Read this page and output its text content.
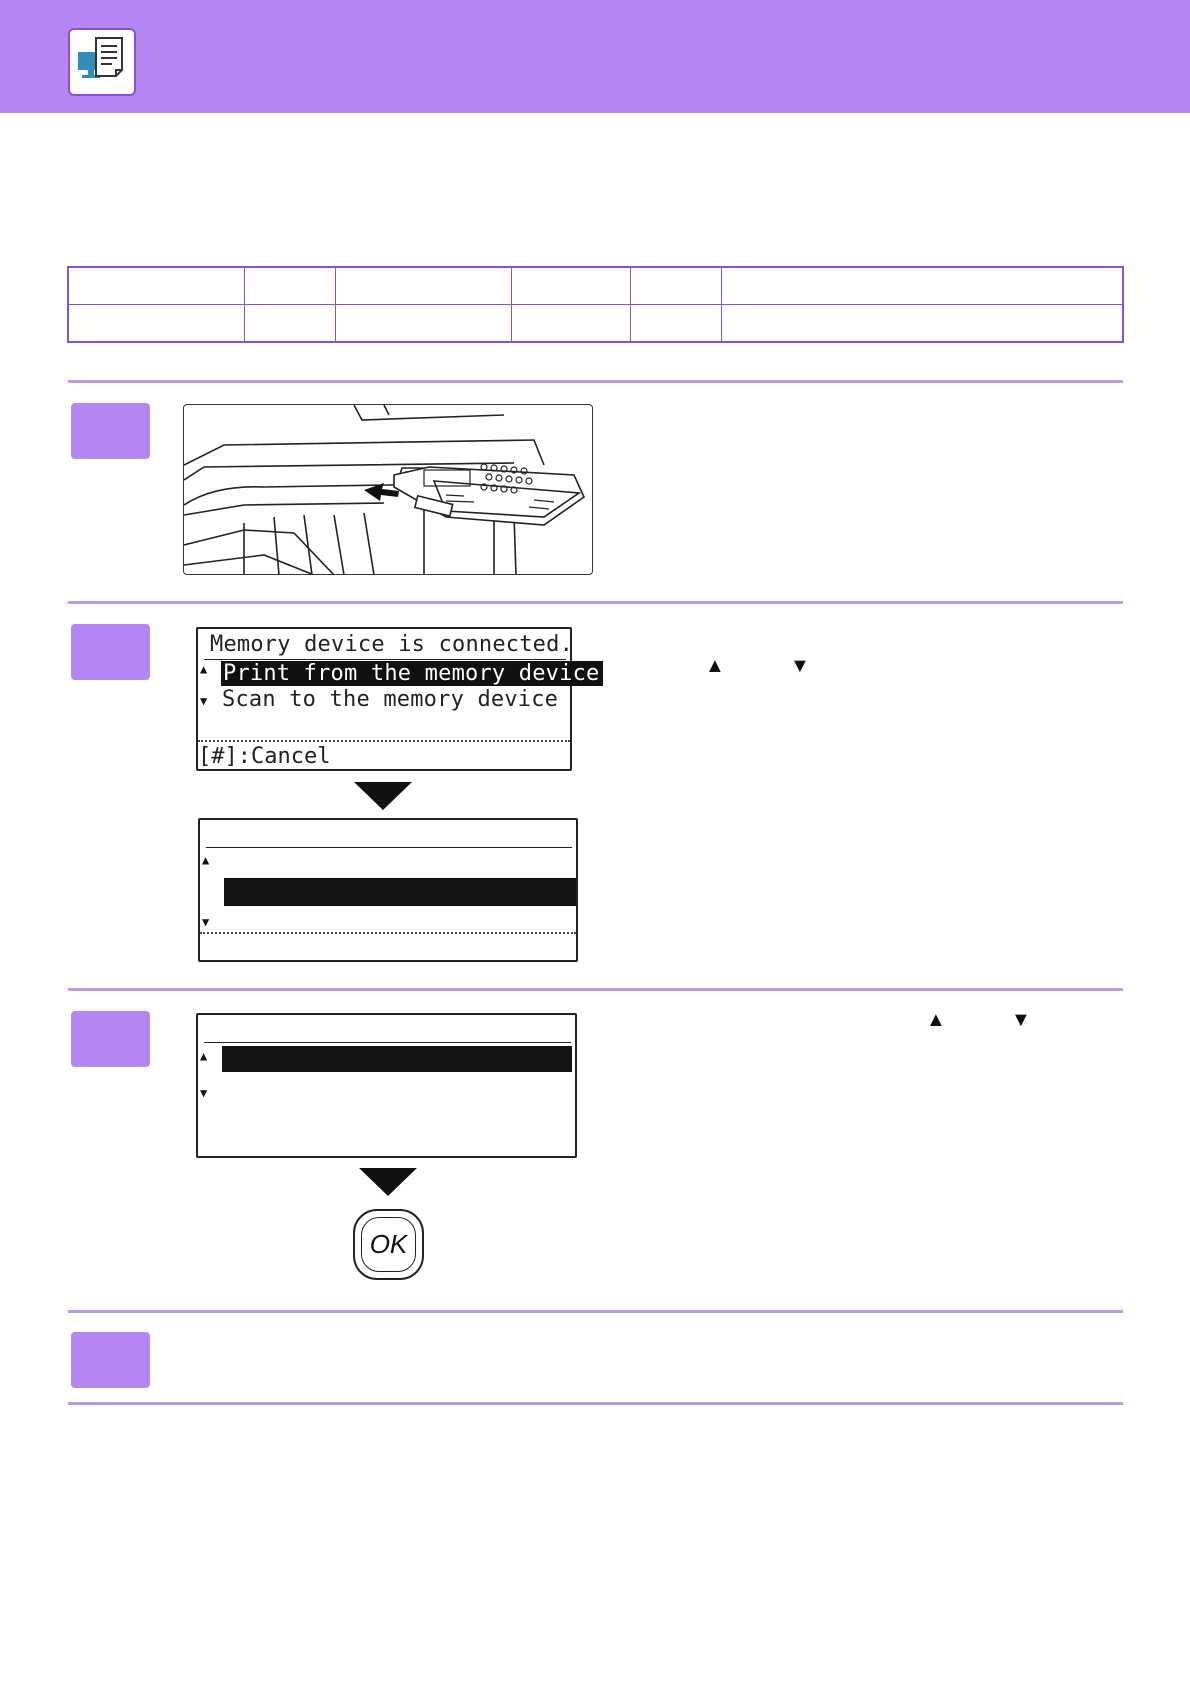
Memory device is connected.
▲ Print from the memory device
▼ Scan to the memory device
[#]:Cancel
▲
▼
▲	▼
▲
▼
OK
▲	▼
